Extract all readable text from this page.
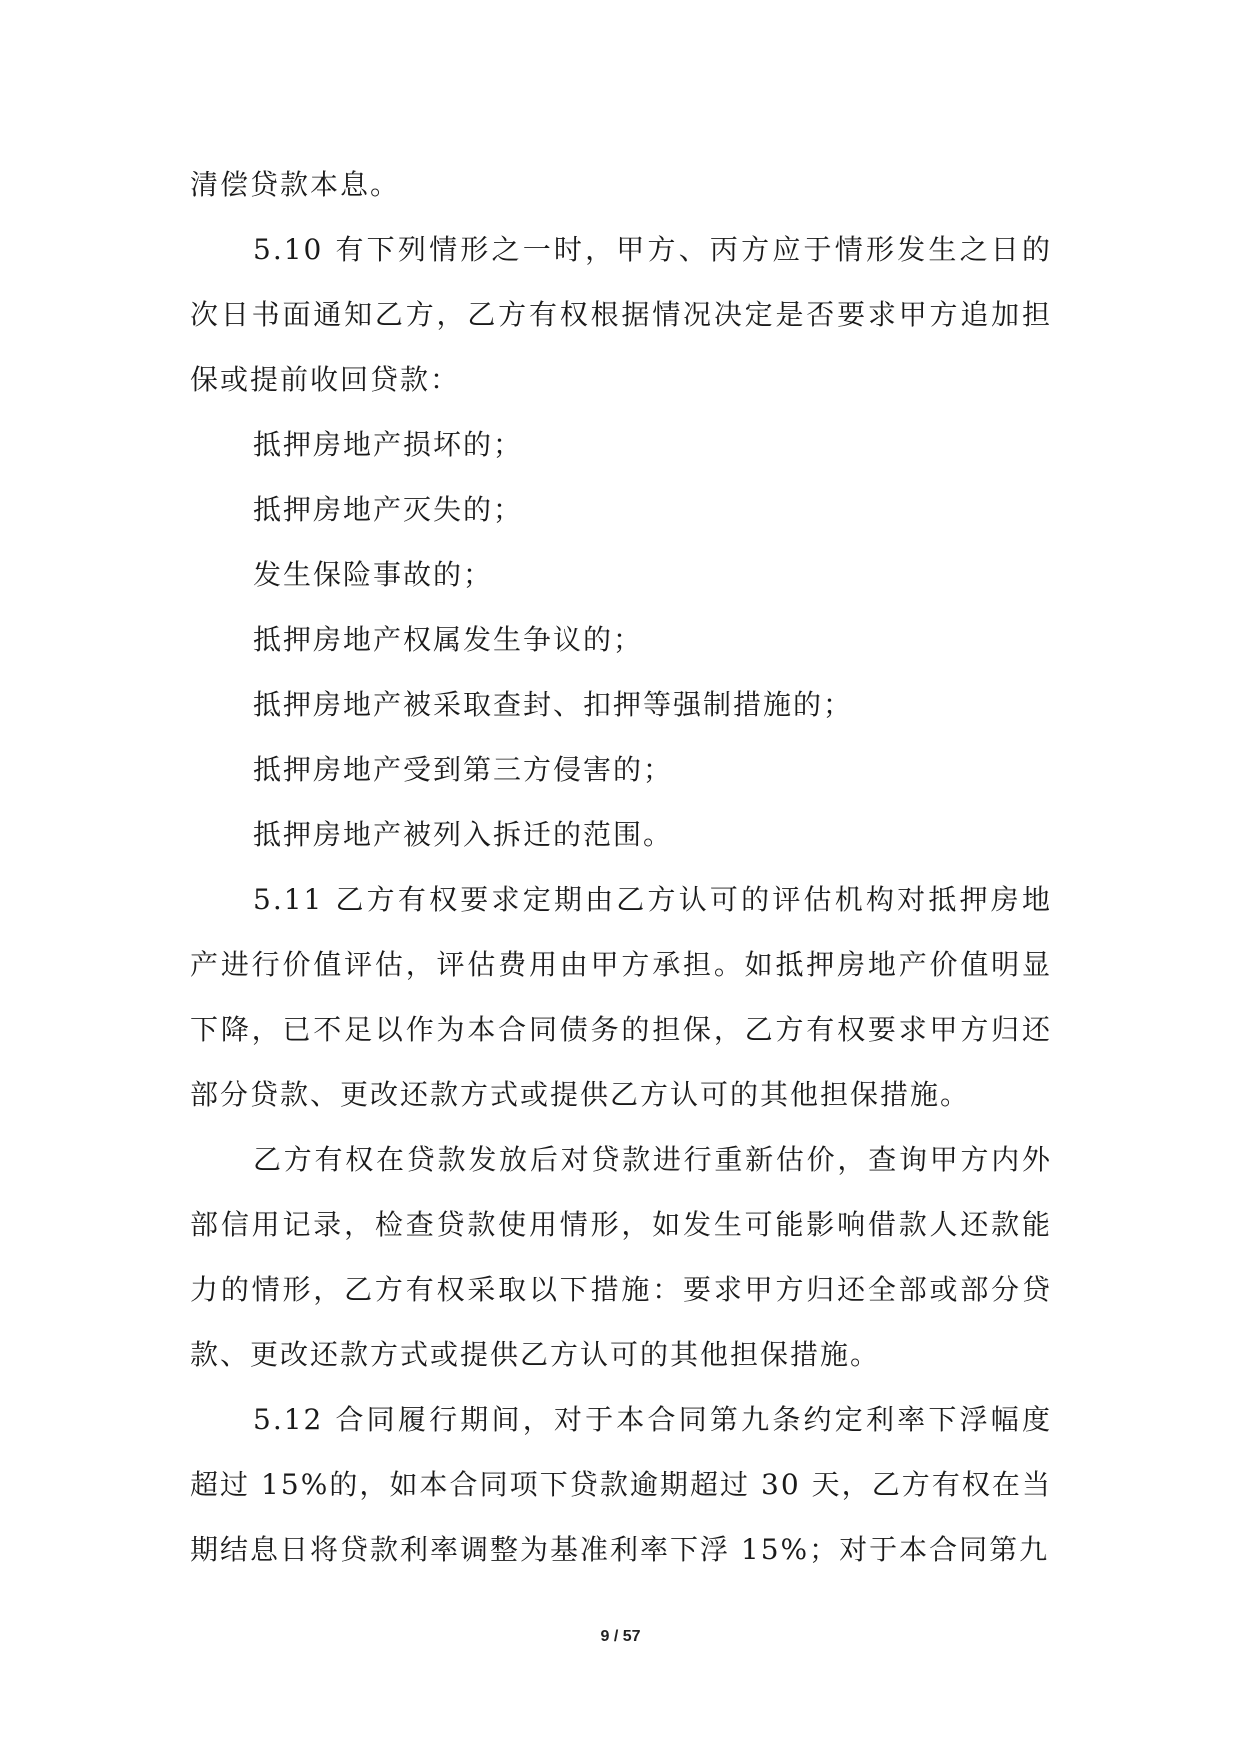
清偿贷款本息。

5.10 有下列情形之一时，甲方、丙方应于情形发生之日的次日书面通知乙方，乙方有权根据情况决定是否要求甲方追加担保或提前收回贷款：

抵押房地产损坏的；

抵押房地产灭失的；

发生保险事故的；

抵押房地产权属发生争议的；

抵押房地产被采取查封、扣押等强制措施的；

抵押房地产受到第三方侵害的；

抵押房地产被列入拆迁的范围。

5.11 乙方有权要求定期由乙方认可的评估机构对抵押房地产进行价值评估，评估费用由甲方承担。如抵押房地产价值明显下降，已不足以作为本合同债务的担保，乙方有权要求甲方归还部分贷款、更改还款方式或提供乙方认可的其他担保措施。

乙方有权在贷款发放后对贷款进行重新估价，查询甲方内外部信用记录，检查贷款使用情形，如发生可能影响借款人还款能力的情形，乙方有权采取以下措施：要求甲方归还全部或部分贷款、更改还款方式或提供乙方认可的其他担保措施。

5.12 合同履行期间，对于本合同第九条约定利率下浮幅度超过 15%的，如本合同项下贷款逾期超过 30 天，乙方有权在当期结息日将贷款利率调整为基准利率下浮 15%；对于本合同第九

9 / 57
